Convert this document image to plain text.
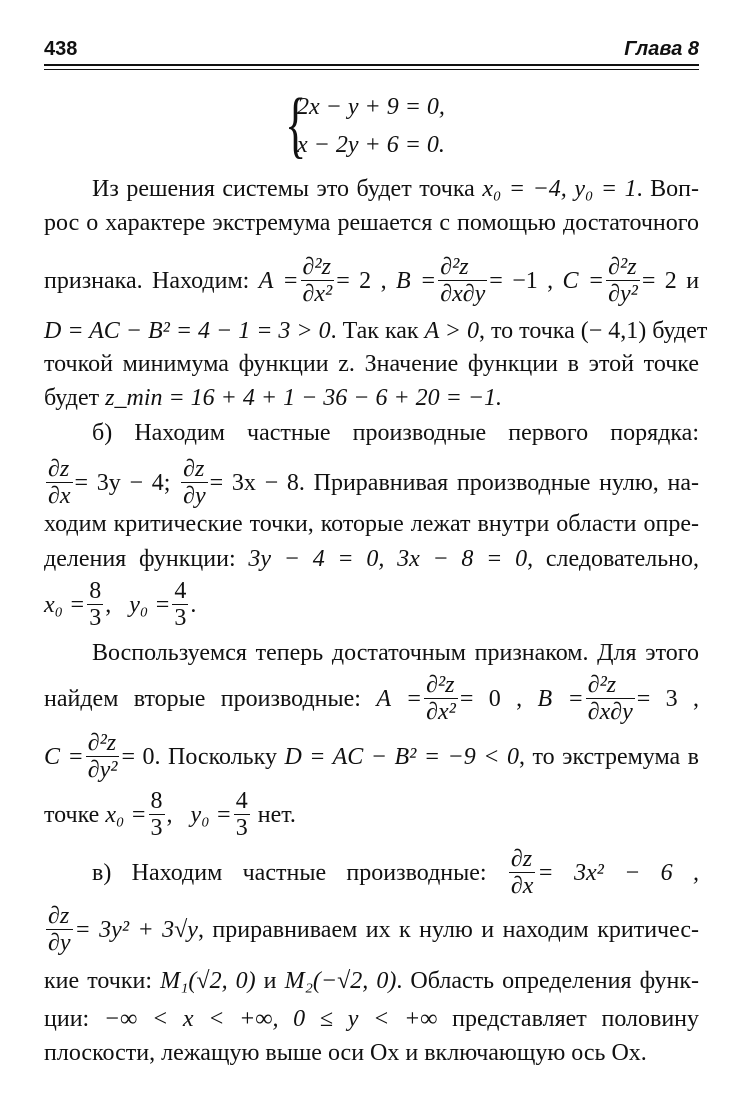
438	Глава 8
{
2x − y + 9 = 0,
x − 2y + 6 = 0.
Из решения системы это будет точка x₀ = −4, y₀ = 1. Воп-
рос о характере экстремума решается с помощью достаточного
признака. Находим: $A = \frac{\text{∂²z}}{\text{∂x²}} = 2$ , $B = \frac{\text{∂²z}}{\partial x\partial y} = -1$ , $C = \frac{\text{∂²z}}{\text{∂y²}} = 2$ и
D = AC − B² = 4 − 1 = 3 > 0. Так как A > 0, то точка (− 4,1) будет
точкой минимума функции z. Значение функции в этой точке
будет z_min = 16 + 4 + 1 − 36 − 6 + 20 = −1.
б) Находим частные производные первого порядка:
$\frac{\partial z}{\partial x} = 3y - 4$; $\frac{\partial z}{\partial y} = 3x - 8$. Приравнивая производные нулю, на-
ходим критические точки, которые лежат внутри области опре-
деления функции: 3y − 4 = 0, 3x − 8 = 0, следовательно,
$x_0 = \frac{8}{3}$ , $y_0 = \frac{4}{3}$ .
Воспользуемся теперь достаточным признаком. Для этого
найдем вторые производные: $A = \frac{\text{∂²z}}{\text{∂x²}} = 0$ , $B = \frac{\text{∂²z}}{\partial x\partial y} = 3$ ,
$C = \frac{\text{∂²z}}{\text{∂y²}} = 0$. Поскольку D = AC − B² = −9 < 0, то экстремума в
точке $x_0 = \frac{8}{3}$ , $y_0 = \frac{4}{3}$ нет.
в) Находим частные производные: $\frac{\partial z}{\partial x} = 3x^2 - 6$ ,
$\frac{\partial z}{\partial y} = 3y^2 + 3√y$, приравниваем их к нулю и находим критичес-
кие точки: M₁(√2, 0) и M₂(−√2, 0). Область определения функ-
ции: −∞ < x < +∞, 0 ≤ y < +∞ представляет половину
плоскости, лежащую выше оси Ox и включающую ось Ox.
